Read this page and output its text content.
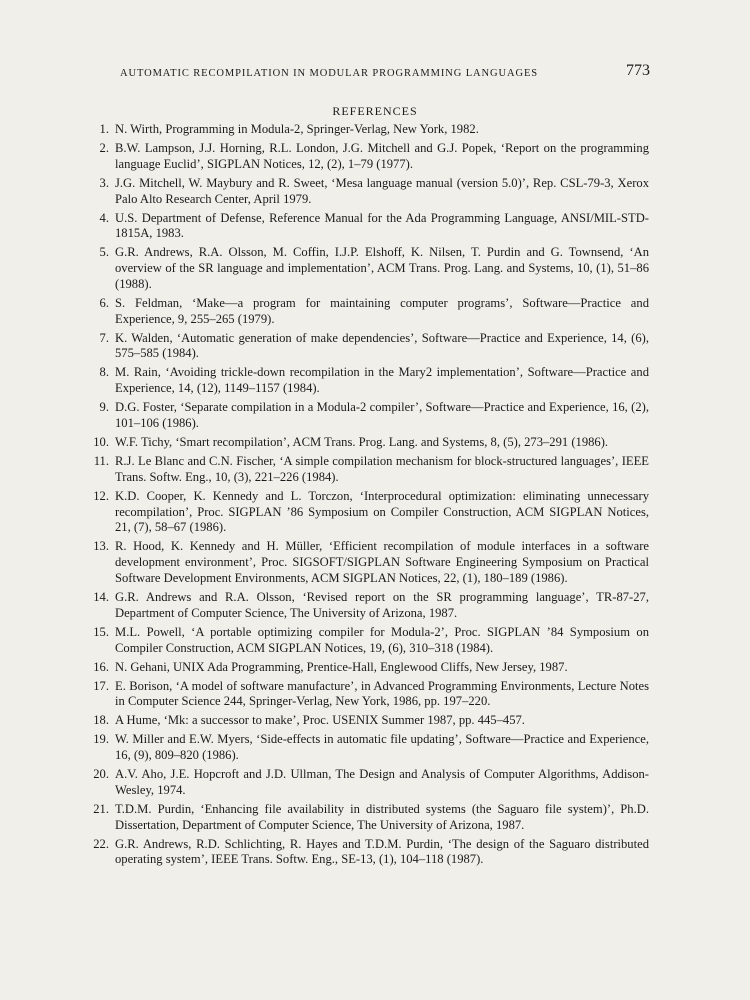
AUTOMATIC RECOMPILATION IN MODULAR PROGRAMMING LANGUAGES	773
REFERENCES
1. N. Wirth, Programming in Modula-2, Springer-Verlag, New York, 1982.
2. B.W. Lampson, J.J. Horning, R.L. London, J.G. Mitchell and G.J. Popek, ‘Report on the programming language Euclid’, SIGPLAN Notices, 12, (2), 1–79 (1977).
3. J.G. Mitchell, W. Maybury and R. Sweet, ‘Mesa language manual (version 5.0)’, Rep. CSL-79-3, Xerox Palo Alto Research Center, April 1979.
4. U.S. Department of Defense, Reference Manual for the Ada Programming Language, ANSI/MIL-STD-1815A, 1983.
5. G.R. Andrews, R.A. Olsson, M. Coffin, I.J.P. Elshoff, K. Nilsen, T. Purdin and G. Townsend, ‘An overview of the SR language and implementation’, ACM Trans. Prog. Lang. and Systems, 10, (1), 51–86 (1988).
6. S. Feldman, ‘Make—a program for maintaining computer programs’, Software—Practice and Experience, 9, 255–265 (1979).
7. K. Walden, ‘Automatic generation of make dependencies’, Software—Practice and Experience, 14, (6), 575–585 (1984).
8. M. Rain, ‘Avoiding trickle-down recompilation in the Mary2 implementation’, Software—Practice and Experience, 14, (12), 1149–1157 (1984).
9. D.G. Foster, ‘Separate compilation in a Modula-2 compiler’, Software—Practice and Experience, 16, (2), 101–106 (1986).
10. W.F. Tichy, ‘Smart recompilation’, ACM Trans. Prog. Lang. and Systems, 8, (5), 273–291 (1986).
11. R.J. Le Blanc and C.N. Fischer, ‘A simple compilation mechanism for block-structured languages’, IEEE Trans. Softw. Eng., 10, (3), 221–226 (1984).
12. K.D. Cooper, K. Kennedy and L. Torczon, ‘Interprocedural optimization: eliminating unnecessary recompilation’, Proc. SIGPLAN ’86 Symposium on Compiler Construction, ACM SIGPLAN Notices, 21, (7), 58–67 (1986).
13. R. Hood, K. Kennedy and H. Müller, ‘Efficient recompilation of module interfaces in a software development environment’, Proc. SIGSOFT/SIGPLAN Software Engineering Symposium on Practical Software Development Environments, ACM SIGPLAN Notices, 22, (1), 180–189 (1986).
14. G.R. Andrews and R.A. Olsson, ‘Revised report on the SR programming language’, TR-87-27, Department of Computer Science, The University of Arizona, 1987.
15. M.L. Powell, ‘A portable optimizing compiler for Modula-2’, Proc. SIGPLAN ’84 Symposium on Compiler Construction, ACM SIGPLAN Notices, 19, (6), 310–318 (1984).
16. N. Gehani, UNIX Ada Programming, Prentice-Hall, Englewood Cliffs, New Jersey, 1987.
17. E. Borison, ‘A model of software manufacture’, in Advanced Programming Environments, Lecture Notes in Computer Science 244, Springer-Verlag, New York, 1986, pp. 197–220.
18. A Hume, ‘Mk: a successor to make’, Proc. USENIX Summer 1987, pp. 445–457.
19. W. Miller and E.W. Myers, ‘Side-effects in automatic file updating’, Software—Practice and Experience, 16, (9), 809–820 (1986).
20. A.V. Aho, J.E. Hopcroft and J.D. Ullman, The Design and Analysis of Computer Algorithms, Addison-Wesley, 1974.
21. T.D.M. Purdin, ‘Enhancing file availability in distributed systems (the Saguaro file system)’, Ph.D. Dissertation, Department of Computer Science, The University of Arizona, 1987.
22. G.R. Andrews, R.D. Schlichting, R. Hayes and T.D.M. Purdin, ‘The design of the Saguaro distributed operating system’, IEEE Trans. Softw. Eng., SE-13, (1), 104–118 (1987).
